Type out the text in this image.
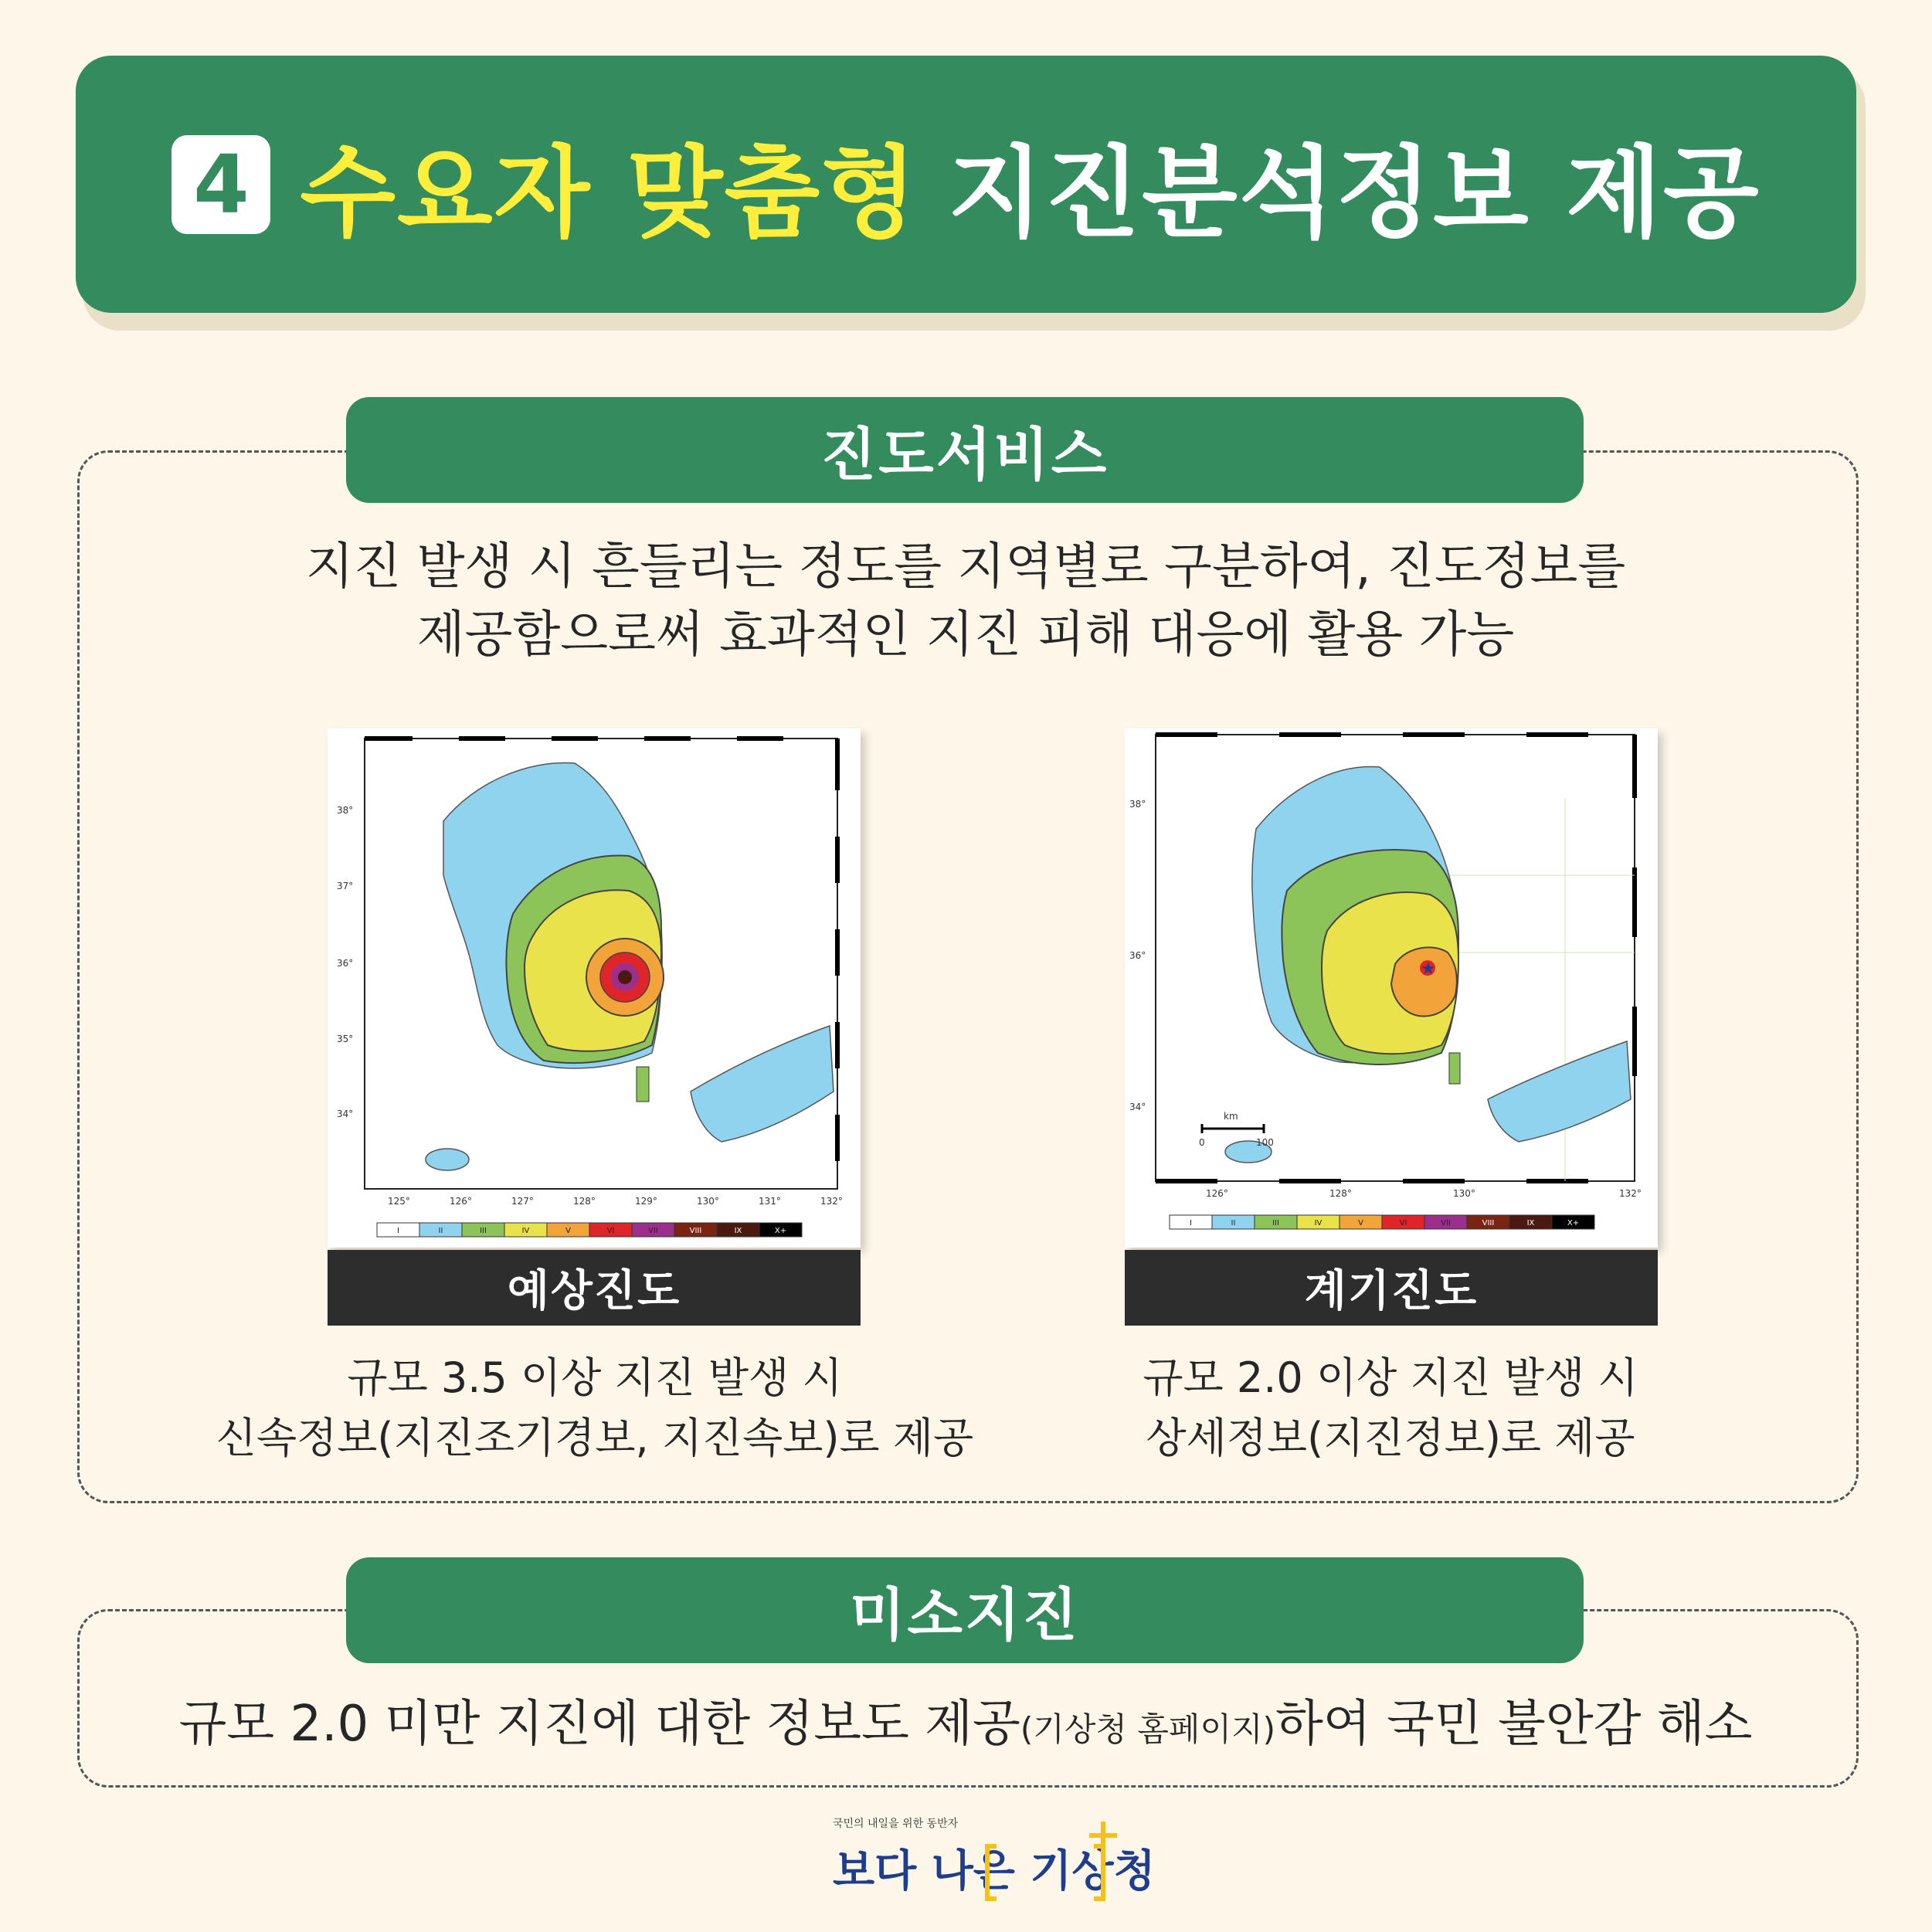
4 수요자 맞춤형 지진분석정보 제공
진도서비스
지진 발생 시 흔들리는 정도를 지역별로 구분하여, 진도정보를
제공함으로써 효과적인 지진 피해 대응에 활용 가능
38°
37°
36°
35°
34°
125°	126°	127°	128°	129°	130°	131°	132°
I	II	III	IV	V	VI	VII	VIII	IX	X+
예상진도
규모 3.5 이상 지진 발생 시
신속정보(지진조기경보, 지진속보)로 제공
★
km
0	100
38°
36°
34°
126°	128°	130°	132°
I	II	III	IV	V	VI	VII	VIII	IX	X+
계기진도
규모 2.0 이상 지진 발생 시
상세정보(지진정보)로 제공
미소지진
규모 2.0 미만 지진에 대한 정보도 제공(기상청 홈페이지)하여 국민 불안감 해소
국민의 내일을 위한 동반자
보다 나은 기상청
